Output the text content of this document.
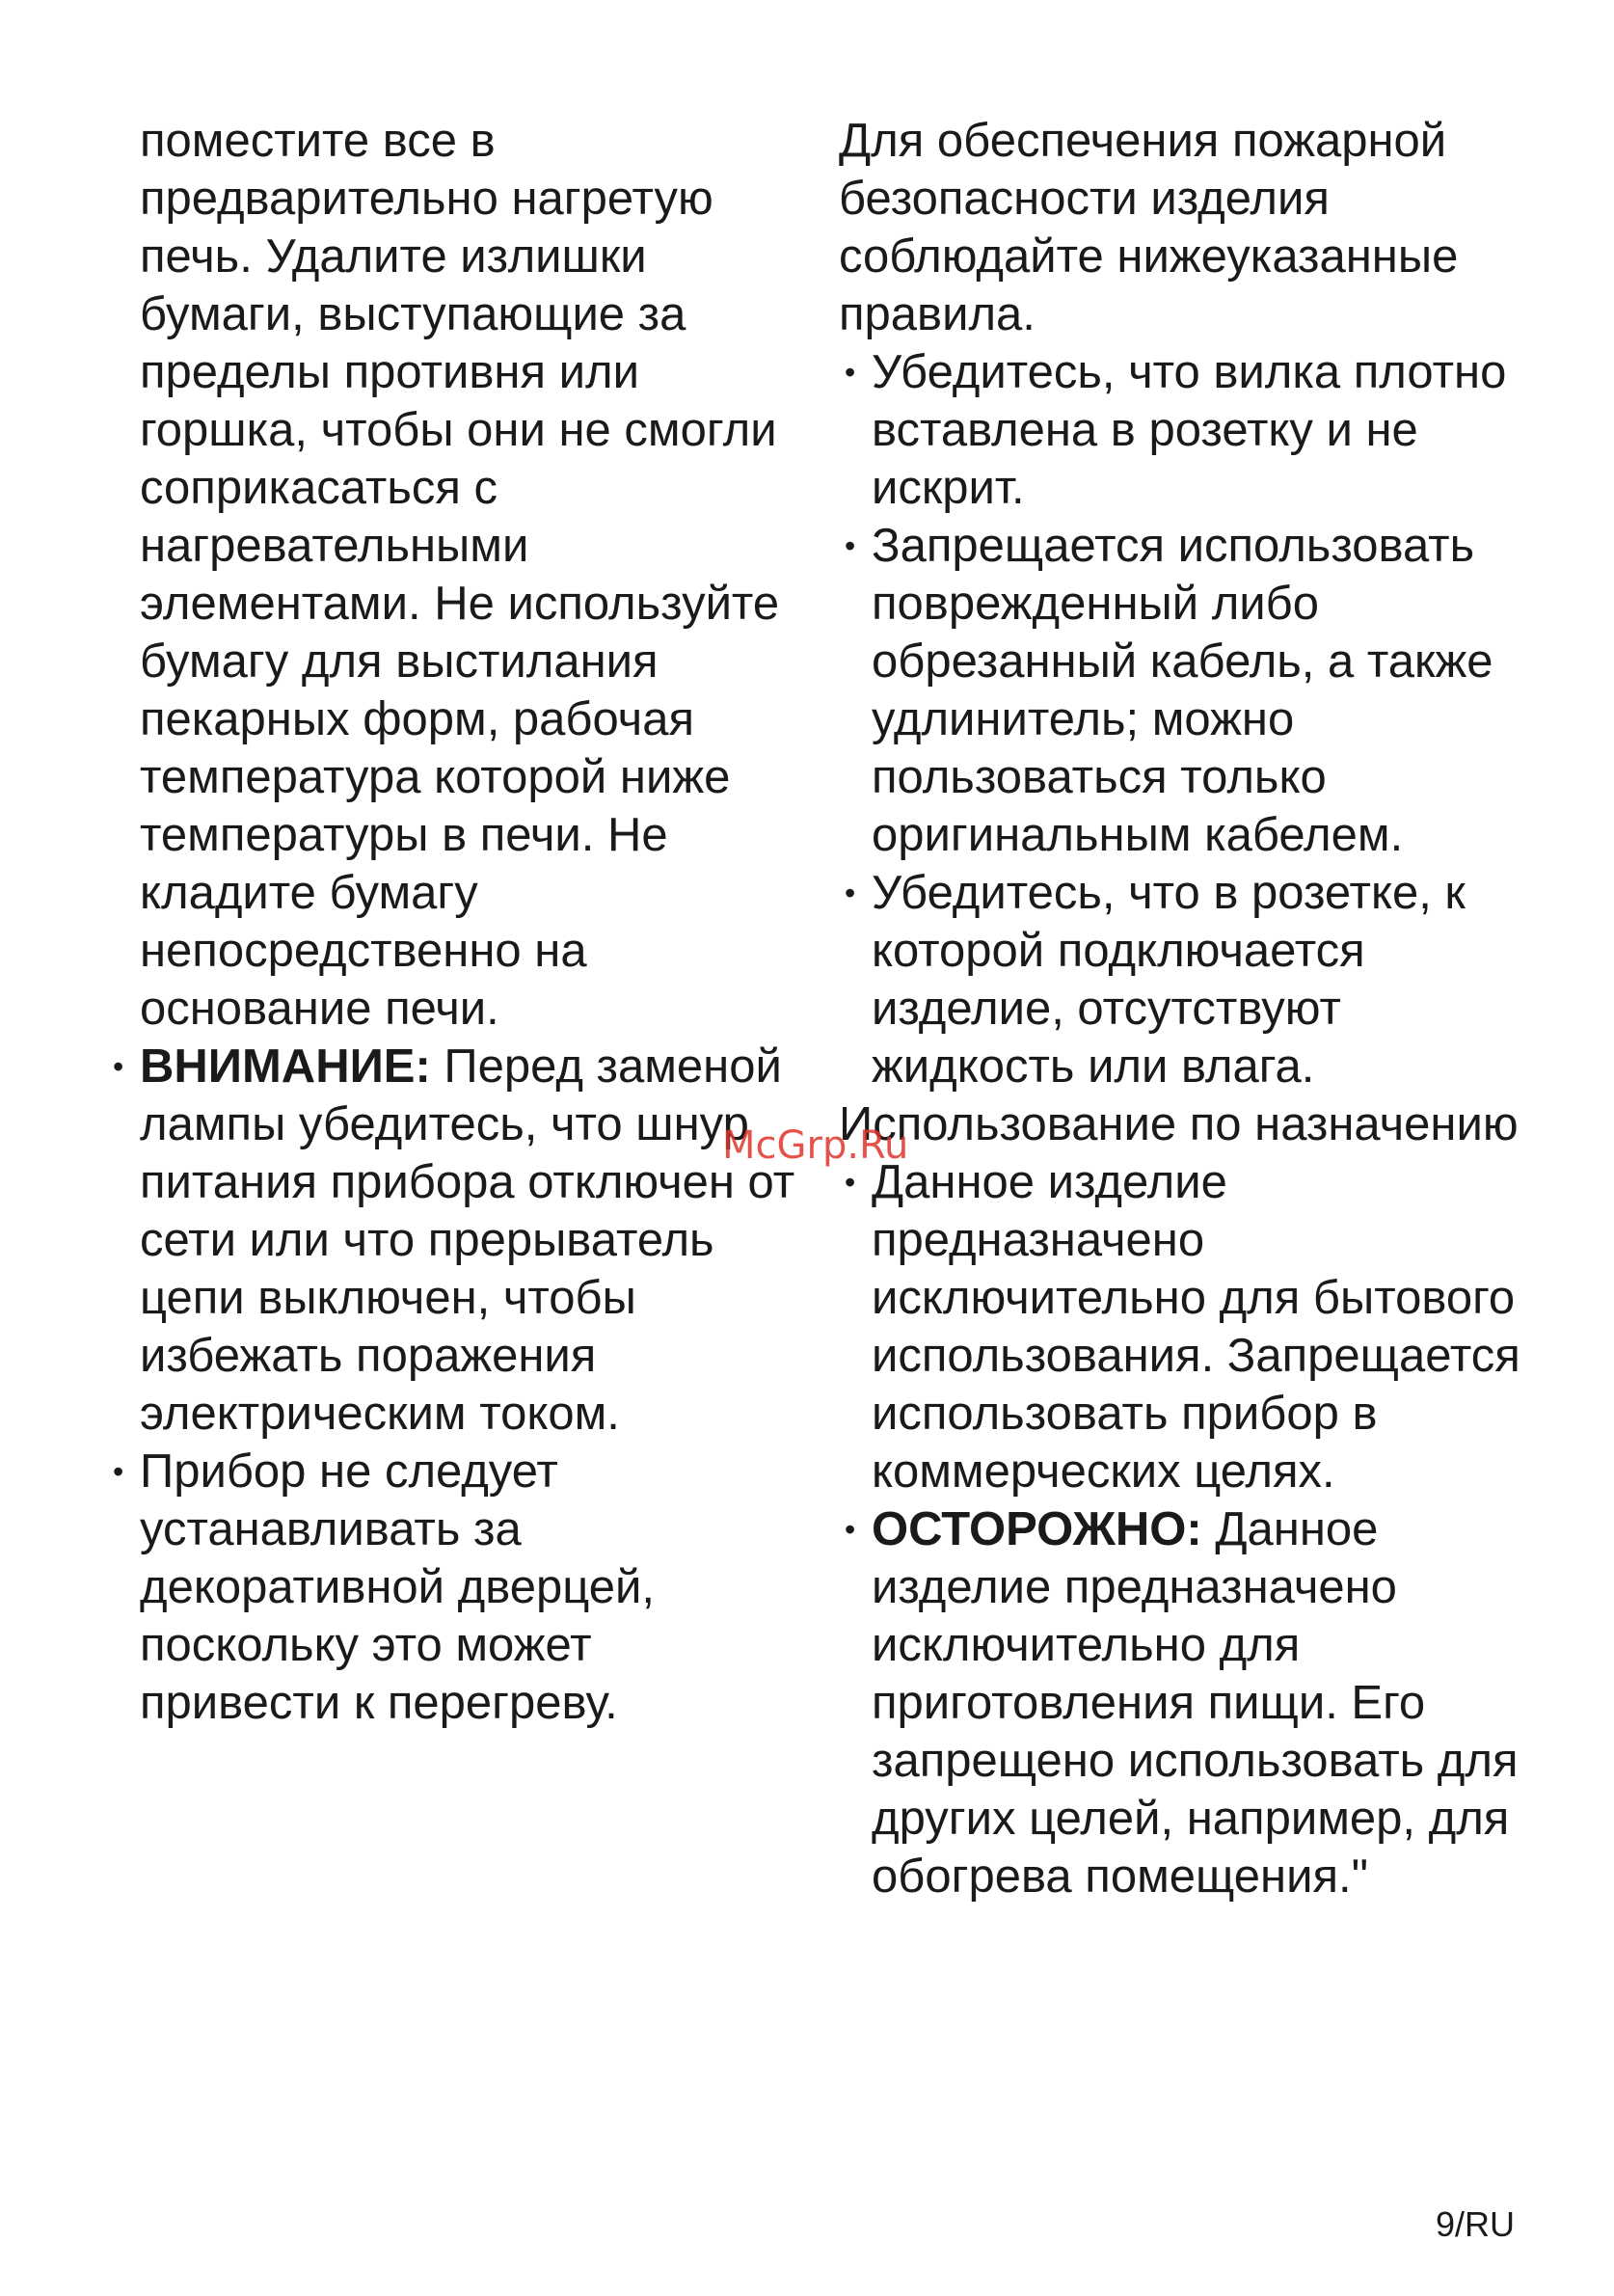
поместите все в предварительно нагретую печь. Удалите излишки бумаги, выступающие за пределы противня или горшка, чтобы они не смогли соприкасаться с нагревательными элементами. Не используйте бумагу для выстилания пекарных форм, рабочая температура которой ниже температуры в печи. Не кладите бумагу непосредственно на основание печи.

• ВНИМАНИЕ: Перед заменой лампы убедитесь, что шнур питания прибора отключен от сети или что прерыватель цепи выключен, чтобы избежать поражения электрическим током.
• Прибор не следует устанавливать за декоративной дверцей, поскольку это может привести к перегреву.

Для обеспечения пожарной безопасности изделия соблюдайте нижеуказанные правила.

• Убедитесь, что вилка плотно вставлена в розетку и не искрит.
• Запрещается использовать поврежденный либо обрезанный кабель, а также удлинитель; можно пользоваться только оригинальным кабелем.
• Убедитесь, что в розетке, к которой подключается изделие, отсутствуют жидкость или влага.

Использование по назначению

• Данное изделие предназначено исключительно для бытового использования. Запрещается использовать прибор в коммерческих целях.
• ОСТОРОЖНО: Данное изделие предназначено исключительно для приготовления пищи. Его запрещено использовать для других целей, например, для обогрева помещения."
McGrp.Ru
9/RU
